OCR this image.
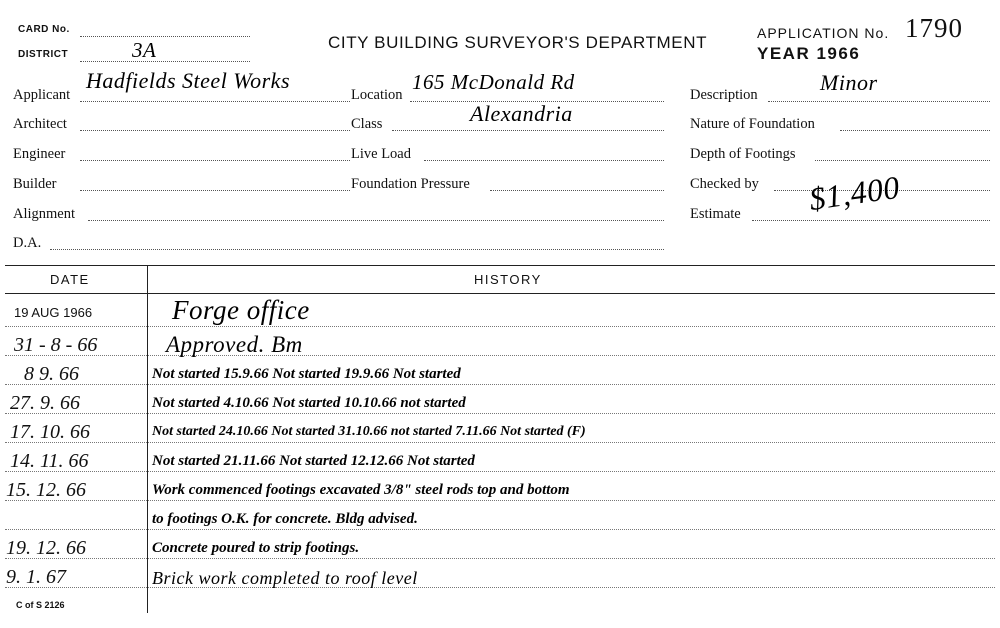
CARD No.
DISTRICT	3A	CITY BUILDING SURVEYOR'S DEPARTMENT	APPLICATION No. 1790
YEAR 1966
Applicant
Hadfields Steel Works
Architect
Engineer
Builder
Alignment
D.A.
Location
165 McDonald Rd
Class	Alexandria
Live Load
Foundation Pressure
Description	Minor
Nature of Foundation
Depth of Footings
Checked by
Estimate $1,400
DATE	HISTORY
19 AUG 1966	Forge office
31 - 8 - 66	Approved. Bm
8 9. 66	Not started 15.9.66 Not started 19.9.66 Not started
27. 9. 66	Not started 4.10.66 Not started 10.10.66 not started
17. 10. 66	Not started 24.10.66 Not started 31.10.66 not started 7.11.66 Not started (F)
14. 11. 66	Not started 21.11.66 Not started 12.12.66 Not started
15. 12. 66	Work commenced footings excavated 3/8" steel rods top and bottom
to footings O.K. for concrete. Bldg advised.
19. 12. 66	Concrete poured to strip footings.
9. 1. 67	Brick work completed to roof level
C of S 2126
